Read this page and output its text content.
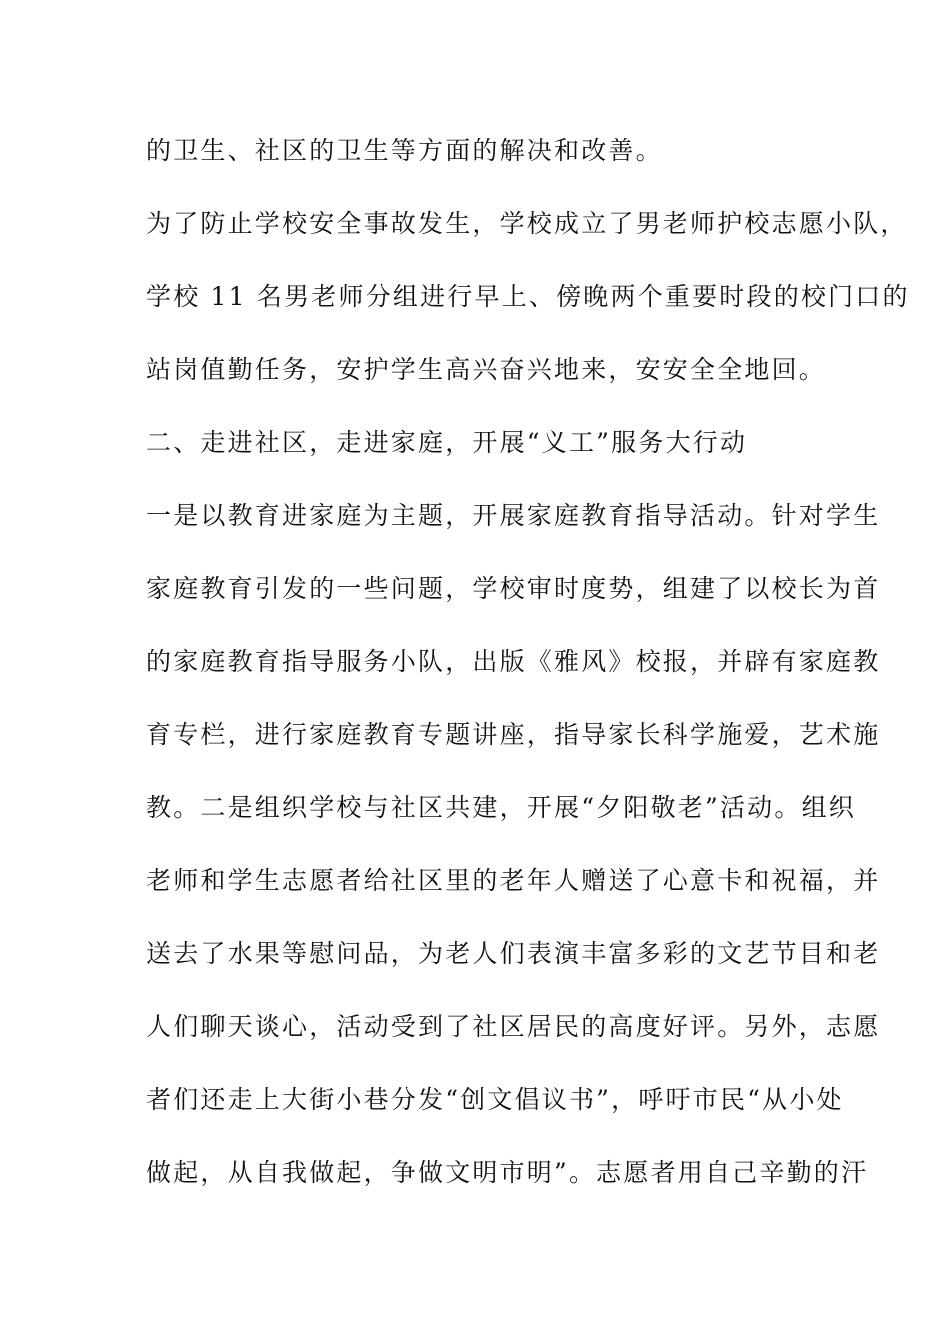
的卫生、社区的卫生等方面的解决和改善。
为了防止学校安全事故发生，学校成立了男老师护校志愿小队，
学校 11 名男老师分组进行早上、傍晚两个重要时段的校门口的
站岗值勤任务，安护学生高兴奋兴地来，安安全全地回。
二、走进社区，走进家庭，开展“义工”服务大行动
一是以教育进家庭为主题，开展家庭教育指导活动。针对学生
家庭教育引发的一些问题，学校审时度势，组建了以校长为首
的家庭教育指导服务小队，出版《雅风》校报，并辟有家庭教
育专栏，进行家庭教育专题讲座，指导家长科学施爱，艺术施
教。二是组织学校与社区共建，开展“夕阳敬老”活动。组织
老师和学生志愿者给社区里的老年人赠送了心意卡和祝福，并
送去了水果等慰问品，为老人们表演丰富多彩的文艺节目和老
人们聊天谈心，活动受到了社区居民的高度好评。另外，志愿
者们还走上大街小巷分发“创文倡议书”，呼吁市民“从小处
做起，从自我做起，争做文明市明”。志愿者用自己辛勤的汗
